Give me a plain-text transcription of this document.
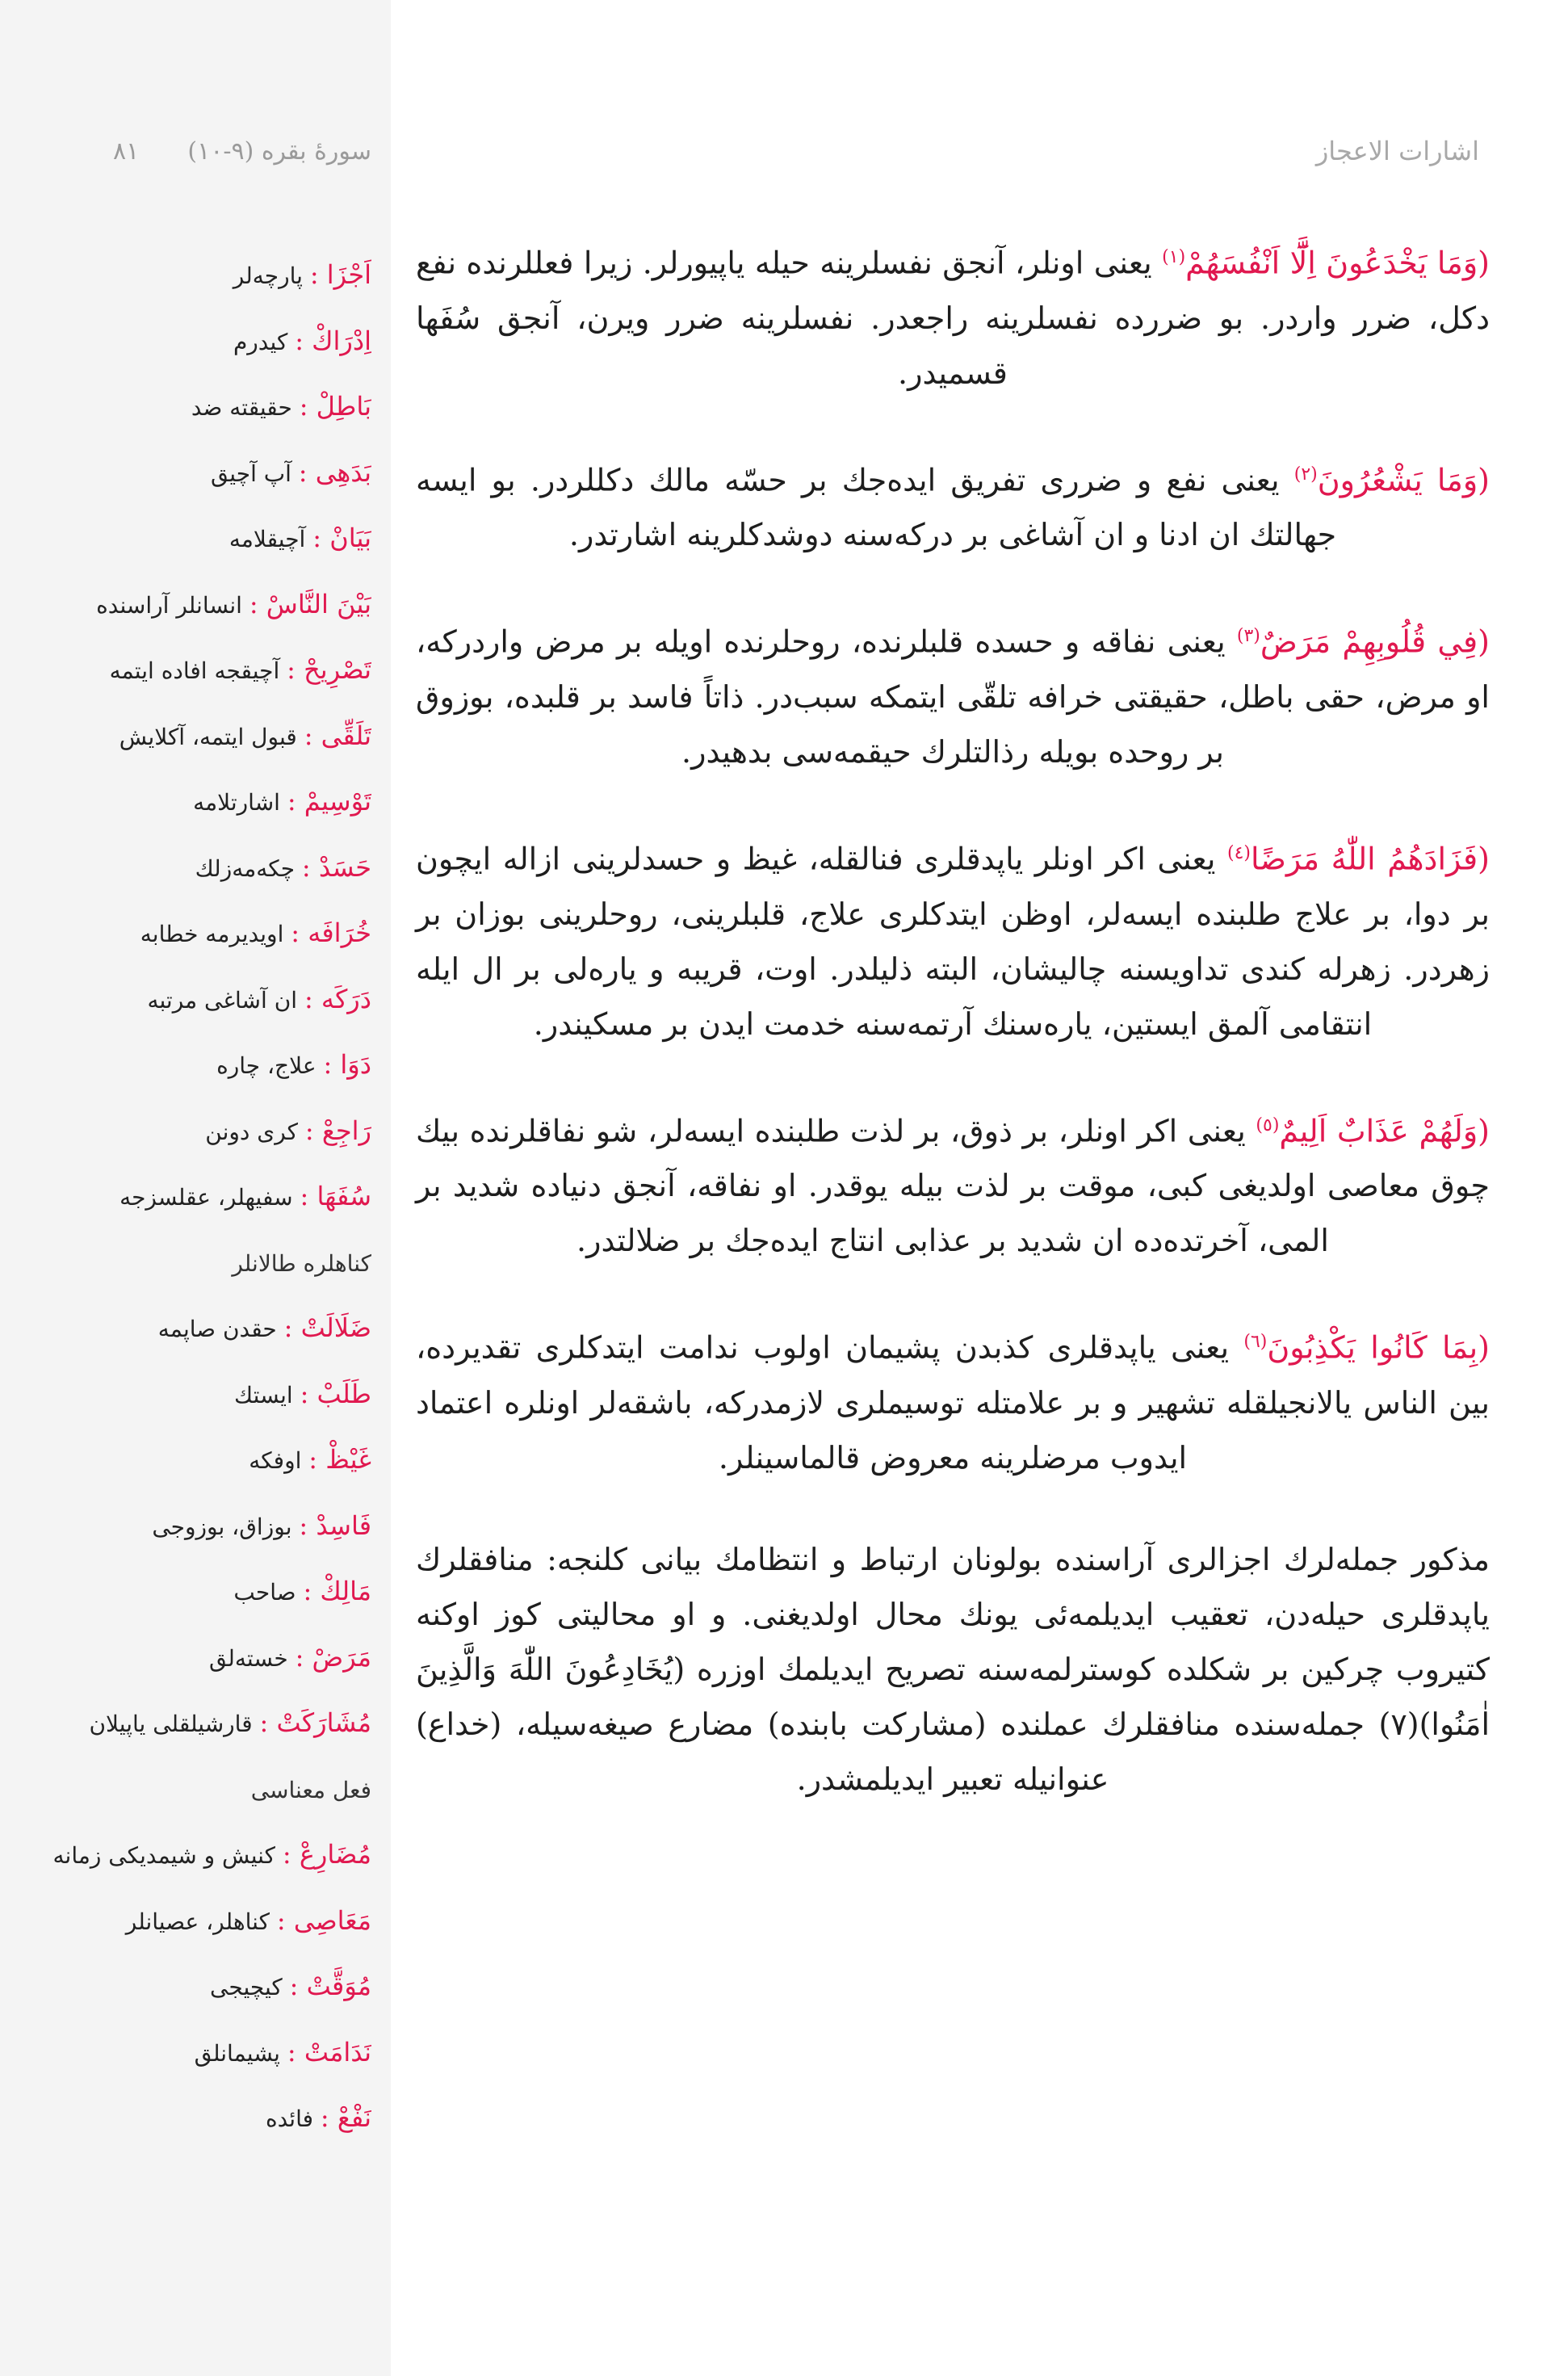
٨١ سورهٔ بقره (٩-١٠)	اشارات الاعجاز
اَجْزَا : پارچه‌لر
اِدْرَاكْ : کیدرم
بَاطِلْ : حقیقته ضد
بَدَهِی : آپ آچیق
بَیَانْ : آچیقلامه
بَیْنَ النَّاسْ : انسانلر آراسنده
تَصْرِیحْ : آچیقجه افاده ایتمه
تَلَقِّی : قبول ایتمه، آکلایش
تَوْسِیمْ : اشارتلامه
حَسَدْ : چکه‌مه‌زلك
خُرَافَه : اویدیرمه خطابه
دَرَكَه : ان آشاغی مرتبه
دَوَا : علاج، چاره
رَاجِعْ : کری دونن
سُفَهَا : سفیهلر، عقلسزجه
کناهلره طالانلر
ضَلَالَتْ : حقدن صاپمه
طَلَبْ : ایستك
غَیْظْ : اوفکه
فَاسِدْ : بوزاق، بوزوجی
مَالِكْ : صاحب
مَرَضْ : خسته‌لق
مُشَارَكَتْ : قارشیلقلی یاپیلان
فعل معناسی
مُضَارِعْ : کنیش و شیمدیکی زمانه
مَعَاصِی : کناهلر، عصیانلر
مُوَقَّتْ : کیچیجی
نَدَامَتْ : پشیمانلق
نَفْعْ : فائده

(وَمَا يَخْدَعُونَ اِلَّٓا اَنْفُسَهُمْ$^{(١)}$ یعنی اونلر، آنجق نفسلرینه حیله یاپیورلر. زیرا فعللرنده نفع دکل، ضرر واردر. بو ضررده نفسلرینه راجعدر. نفسلرینه ضرر ویرن، آنجق سُفَها قسمیدر.

(وَمَا يَشْعُرُونَ$^{(٢)}$ یعنی نفع و ضرری تفریق ایده‌جك بر حسّه مالك دکللردر. بو ایسه جهالتك ان ادنا و ان آشاغی بر درکه‌سنه دوشدکلرینه اشارتدر.

(فِي قُلُوبِهِمْ مَرَضٌ$^{(٣)}$ یعنی نفاقه و حسده قلبلرنده، روحلرنده اویله بر مرض واردرکه، او مرض، حقی باطل، حقیقتی خرافه تلقّی ایتمکه سبب‌در. ذاتاً فاسد بر قلبده، بوزوق بر روحده بویله رذالتلرك حیقمه‌سی بدهیدر.

(فَزَادَهُمُ اللّٰهُ مَرَضًا$^{(٤)}$ یعنی اکر اونلر یاپدقلری فنالقله، غیظ و حسدلرینی ازاله ایچون بر دوا، بر علاج طلبنده ایسه‌لر، اوظن ایتدکلری علاج، قلبلرینی، روحلرینی بوزان بر زهردر. زهرله کندی تداویسنه چالیشان، البته ذلیلدر. اوت، قریبه و یاره‌لی بر ال ایله انتقامی آلمق ایستین، یاره‌سنك آرتمه‌سنه خدمت ایدن بر مسکیندر.

(وَلَهُمْ عَذَابٌ اَلِيمٌ$^{(٥)}$ یعنی اکر اونلر، بر ذوق، بر لذت طلبنده ایسه‌لر، شو نفاقلرنده بیك چوق معاصی اولدیغی کبی، موقت بر لذت بیله یوقدر. او نفاقه، آنجق دنیاده شدید بر المی، آخرتده‌ده ان شدید بر عذابی انتاج ایده‌جك بر ضلالتدر.

(بِمَا كَانُوا يَكْذِبُونَ$^{(٦)}$ یعنی یاپدقلری کذبدن پشیمان اولوب ندامت ایتدکلری تقدیرده، بین الناس یالانجیلقله تشهیر و بر علامتله توسیملری لازمدرکه، باشقه‌لر اونلره اعتماد ایدوب مرضلرینه معروض قالماسینلر.

مذکور جمله‌لرك اجزالری آراسنده بولونان ارتباط و انتظامك بیانی کلنجه: منافقلرك یاپدقلری حیله‌دن، تعقیب ایدیلمه‌ئی یونك محال اولدیغنی. و او محالیتی کوز اوکنه کتیروب چرکین بر شکلده کوسترلمه‌سنه تصریح ایدیلمك اوزره (يُخَادِعُونَ اللّٰهَ وَالَّذِينَ اٰمَنُوا)(٧) جمله‌سنده منافقلرك عملنده (مشارکت بابنده) مضارع صیغه‌سیله، (خداع) عنوانیله تعبیر ایدیلمشدر.
